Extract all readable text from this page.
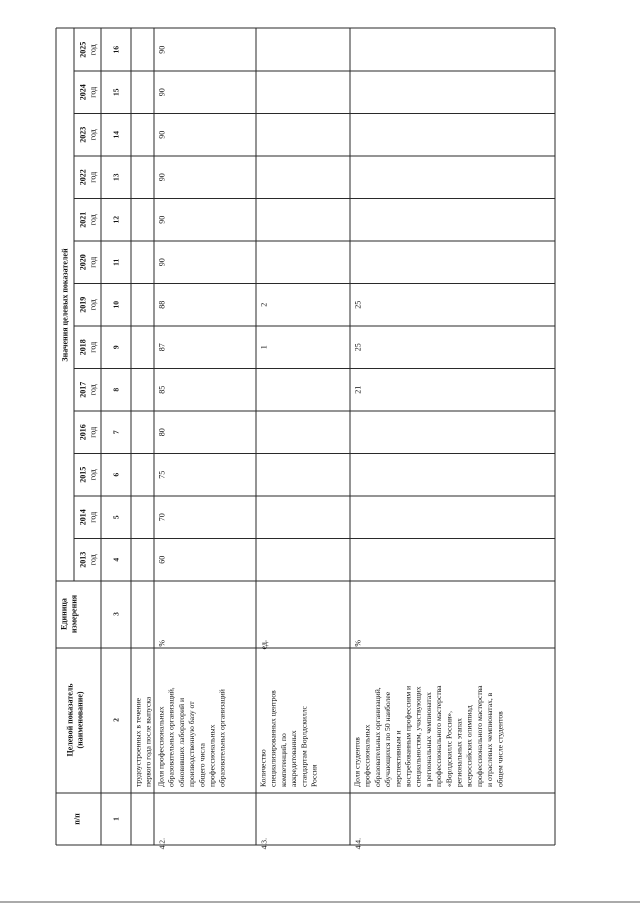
п/п
Целевой показатель (наименование)
Единица измерения
Значения целевых показателей
2013 год 4
2014 год 5
2015 год 6
2016 год 7
2017 год 8
2018 год 9
2019 год 10
2020 год 11
2021 год 12
2022 год 13
2023 год 14
2024 год 15
2025 год 16
1
2
3
трудоустроенных в течение первого года после выпуска
4.2.
%
Доля профессиональных образовательных организаций, обновивших лабораторий и производственную базу от общего числа профессиональных образовательных организаций
60
70
75
80
85
87
88
90
90
90
90
90
90
4.3.
ед.
Количество специализированных центров компетенций, по аккредитованных стандартам Ворлдскиллс Россия
1
2
4.4.
%
Доля студентов профессиональных образовательных организаций, обучающихся по 50 наиболее перспективным и востребованным профессиям и специальностям, участвующих в региональных чемпионатах профессионального мастерства «Ворлдскиллс Россия», региональных этапах всероссийских олимпиад профессионального мастерства и отраслевых чемпионатах, в общем числе студентов
21
25
25
